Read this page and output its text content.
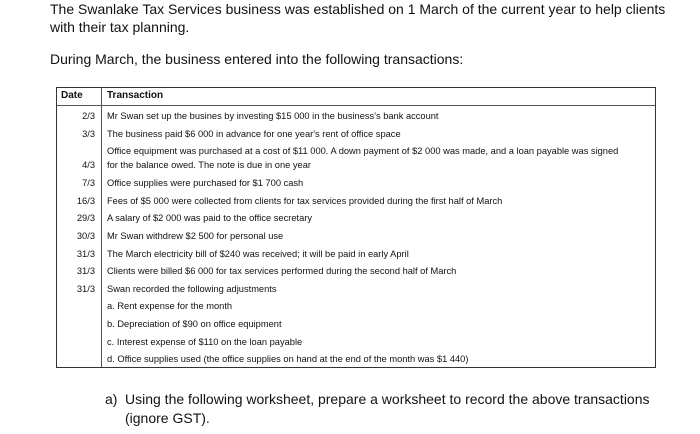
The Swanlake Tax Services business was established on 1 March of the current year to help clients with their tax planning.

During March, the business entered into the following transactions:

Date Transaction
2/3 Mr Swan set up the busines by investing $15 000 in the business's bank account
3/3 The business paid $6 000 in advance for one year's rent of office space
4/3
Office equipment was purchased at a cost of $11 000. A down payment of $2 000 was made, and a loan payable was signed
for the balance owed. The note is due in one year
7/3 Office supplies were purchased for $1 700 cash
16/3 Fees of $5 000 were collected from clients for tax services provided during the first half of March
29/3 A salary of $2 000 was paid to the office secretary
30/3 Mr Swan withdrew $2 500 for personal use
31/3 The March electricity bill of $240 was received; it will be paid in early April
31/3 Clients were billed $6 000 for tax services performed during the second half of March
31/3 Swan recorded the following adjustments
a. Rent expense for the month
b. Depreciation of $90 on office equipment
c. Interest expense of $110 on the loan payable
d. Office supplies used (the office supplies on hand at the end of the month was $1 440)
a) Using the following worksheet, prepare a worksheet to record the above transactions (ignore GST).
